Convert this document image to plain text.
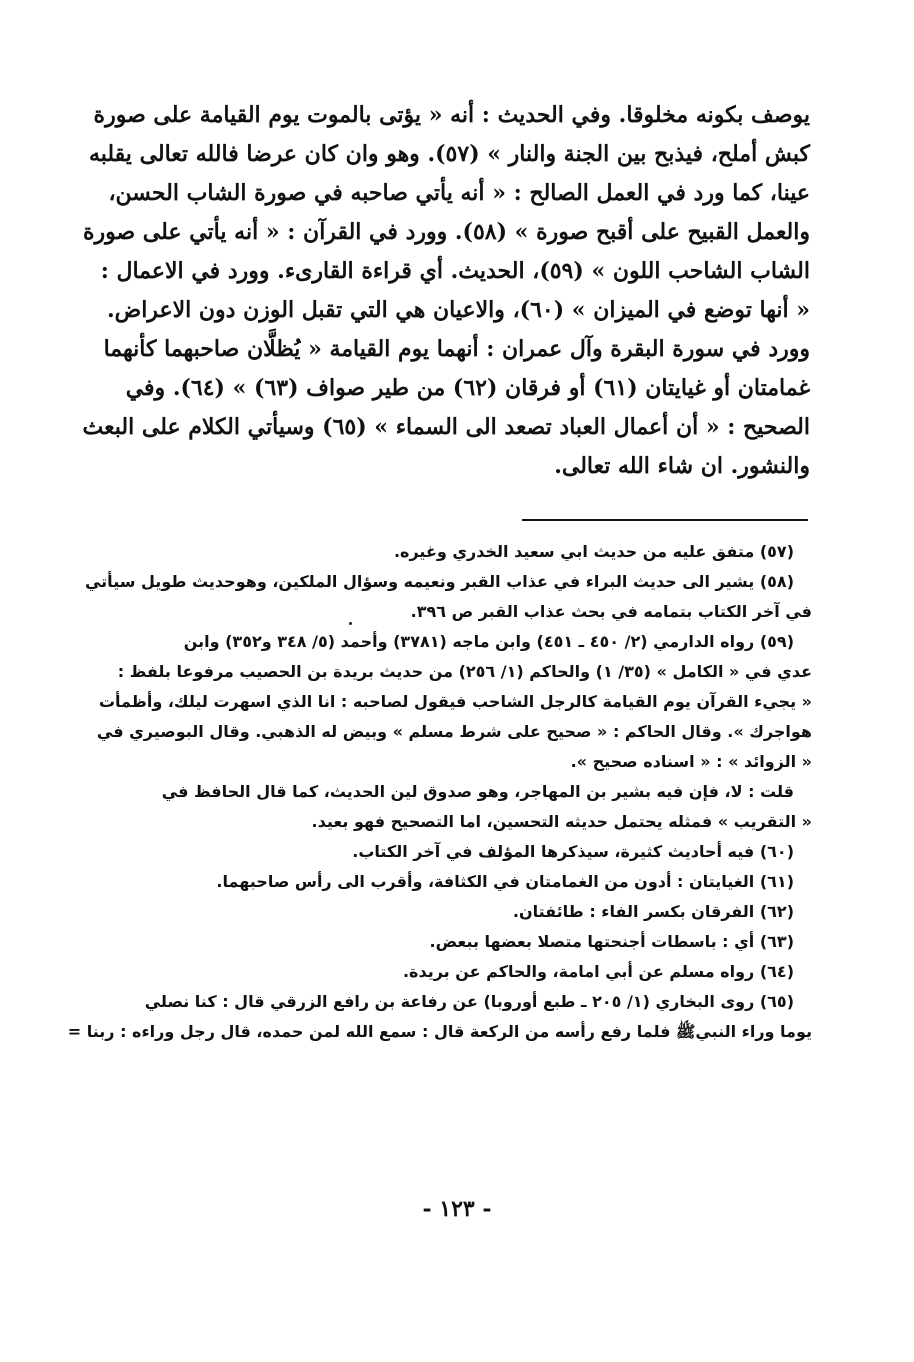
يوصف بكونه مخلوقا. وفي الحديث : أنه « يؤتى بالموت يوم القيامة على صورة
كبش أملح، فيذبح بين الجنة والنار » (٥٧). وهو وان كان عرضا فالله تعالى يقلبه
عينا، كما ورد في العمل الصالح : « أنه يأتي صاحبه في صورة الشاب الحسن،
والعمل القبيح على أقبح صورة » (٥٨). وورد في القرآن : « أنه يأتي على صورة
الشاب الشاحب اللون » (٥٩)، الحديث. أي قراءة القارىء. وورد في الاعمال :
« أنها توضع في الميزان » (٦٠)، والاعيان هي التي تقبل الوزن دون الاعراض.
وورد في سورة البقرة وآل عمران : أنهما يوم القيامة « يُظلَّان صاحبهما كأنهما
غمامتان أو غيايتان (٦١) أو فرقان (٦٢) من طير صواف (٦٣) » (٦٤). وفي
الصحيح : « أن أعمال العباد تصعد الى السماء » (٦٥) وسيأتي الكلام على البعث
والنشور. ان شاء الله تعالى.
(٥٧) متفق عليه من حديث ابي سعيد الخدري وغيره.
(٥٨) يشير الى حديث البراء في عذاب القبر ونعيمه وسؤال الملكين، وهوحديث طويل سيأتي
في آخر الكتاب بتمامه في بحث عذاب القبر ص ٣٩٦.
(٥٩) رواه الدارمي (٢/ ٤٥٠ ـ ٤٥١) وابن ماجه (٣٧٨١) وأحمد (٥/ ٣٤٨ و٣٥٢) وابن
عدي في « الكامل » (٣٥/ ١) والحاكم (١/ ٢٥٦) من حديث بريدة بن الحصيب مرفوعا بلفظ :
« يجيء القرآن يوم القيامة كالرجل الشاحب فيقول لصاحبه : انا الذي اسهرت ليلك، وأظمأت
هواجرك ». وقال الحاكم : « صحيح على شرط مسلم » وبيض له الذهبي. وقال البوصيري في
« الزوائد » : « اسناده صحيح ».
قلت : لا، فإن فيه بشير بن المهاجر، وهو صدوق لين الحديث، كما قال الحافظ في
« التقريب » فمثله يحتمل حديثه التحسين، اما التصحيح فهو بعيد.
(٦٠) فيه أحاديث كثيرة، سيذكرها المؤلف في آخر الكتاب.
(٦١) الغيايتان : أدون من الغمامتان في الكثافة، وأقرب الى رأس صاحبهما.
(٦٢) الفرقان بكسر الفاء : طائفتان.
(٦٣) أي : باسطات أجنحتها متصلا بعضها ببعض.
(٦٤) رواه مسلم عن أبي امامة، والحاكم عن بريدة.
(٦٥) روى البخاري (١/ ٢٠٥ ـ طبع أوروبا) عن رفاعة بن رافع الزرقي قال : كنا نصلي
يوما وراء النبيﷺ فلما رفع رأسه من الركعة قال : سمع الله لمن حمده، قال رجل وراءه : ربنا =
- ١٢٣ -
